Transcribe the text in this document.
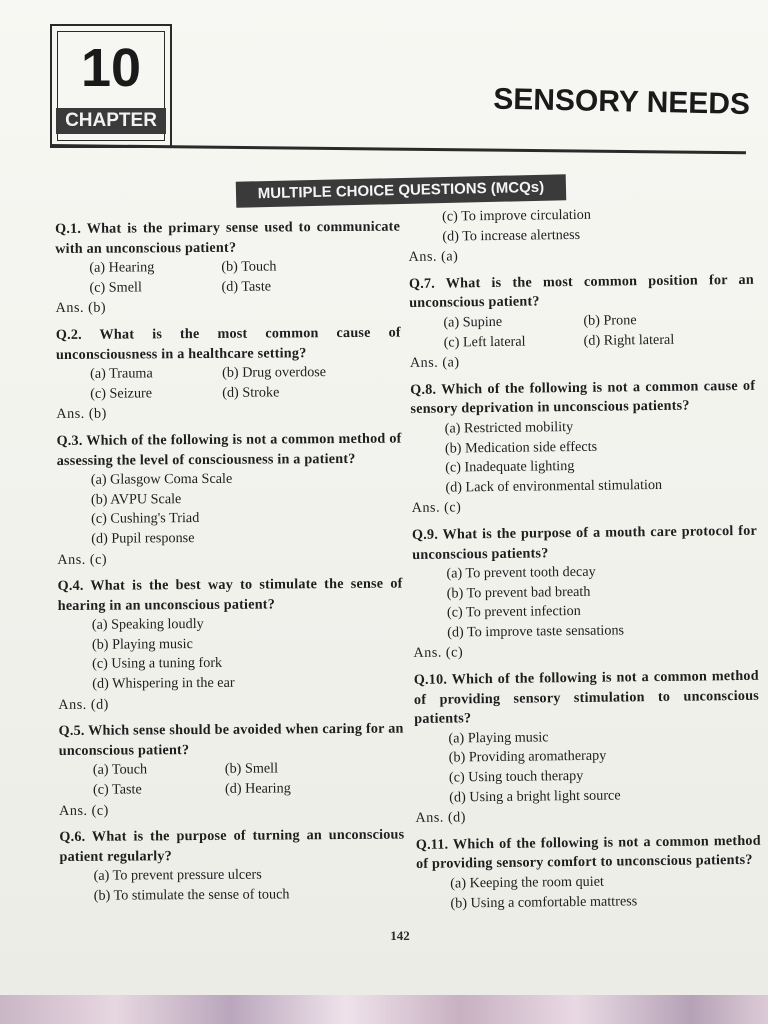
10
CHAPTER	SENSORY NEEDS
MULTIPLE CHOICE QUESTIONS (MCQs)
Q.1. What is the primary sense used to communicate with an unconscious patient?
(a) Hearing	(b) Touch
(c) Smell	(d) Taste
Ans. (b)
Q.2. What is the most common cause of unconsciousness in a healthcare setting?
(a) Trauma	(b) Drug overdose
(c) Seizure	(d) Stroke
Ans. (b)
Q.3. Which of the following is not a common method of assessing the level of consciousness in a patient?
(a) Glasgow Coma Scale
(b) AVPU Scale
(c) Cushing's Triad
(d) Pupil response
Ans. (c)
Q.4. What is the best way to stimulate the sense of hearing in an unconscious patient?
(a) Speaking loudly
(b) Playing music
(c) Using a tuning fork
(d) Whispering in the ear
Ans. (d)
Q.5. Which sense should be avoided when caring for an unconscious patient?
(a) Touch	(b) Smell
(c) Taste	(d) Hearing
Ans. (c)
Q.6. What is the purpose of turning an unconscious patient regularly?
(a) To prevent pressure ulcers
(b) To stimulate the sense of touch
(c) To improve circulation
(d) To increase alertness
Ans. (a)
Q.7. What is the most common position for an unconscious patient?
(a) Supine	(b) Prone
(c) Left lateral	(d) Right lateral
Ans. (a)
Q.8. Which of the following is not a common cause of sensory deprivation in unconscious patients?
(a) Restricted mobility
(b) Medication side effects
(c) Inadequate lighting
(d) Lack of environmental stimulation
Ans. (c)
Q.9. What is the purpose of a mouth care protocol for unconscious patients?
(a) To prevent tooth decay
(b) To prevent bad breath
(c) To prevent infection
(d) To improve taste sensations
Ans. (c)
Q.10. Which of the following is not a common method of providing sensory stimulation to unconscious patients?
(a) Playing music
(b) Providing aromatherapy
(c) Using touch therapy
(d) Using a bright light source
Ans. (d)
Q.11. Which of the following is not a common method of providing sensory comfort to unconscious patients?
(a) Keeping the room quiet
(b) Using a comfortable mattress
142
